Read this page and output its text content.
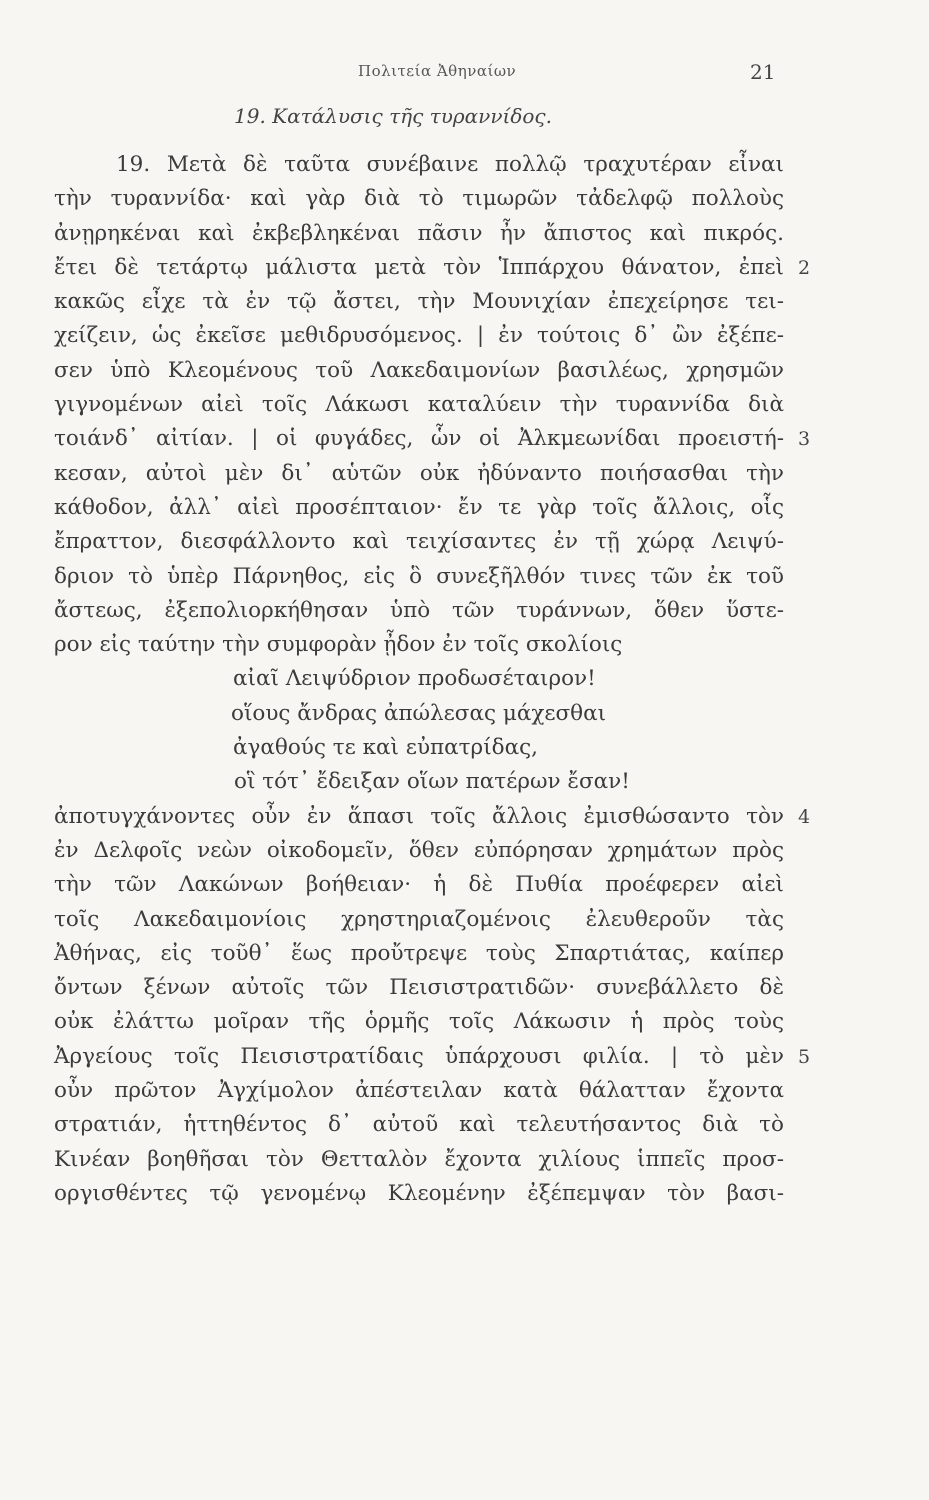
Πολιτεία Ἀθηναίων	21
19. Κατάλυσις τῆς τυραννίδος.
19. Μετὰ δὲ ταῦτα συνέβαινε πολλῷ τραχυτέραν εἶναι
τὴν τυραννίδα· καὶ γὰρ διὰ τὸ τιμωρῶν τἀδελφῷ πολλοὺς
ἀνῃρηκέναι καὶ ἐκβεβληκέναι πᾶσιν ἦν ἄπιστος καὶ πικρός.
ἔτει δὲ τετάρτῳ μάλιστα μετὰ τὸν Ἱππάρχου θάνατον, ἐπεὶ 2
κακῶς εἶχε τὰ ἐν τῷ ἄστει, τὴν Μουνιχίαν ἐπεχείρησε τει-
χείζειν, ὡς ἐκεῖσε μεθιδρυσόμενος. | ἐν τούτοις δ᾽ ὢν ἐξέπε-
σεν ὑπὸ Κλεομένους τοῦ Λακεδαιμονίων βασιλέως, χρησμῶν
γιγνομένων αἰεὶ τοῖς Λάκωσι καταλύειν τὴν τυραννίδα διὰ
τοιάνδ᾽ αἰτίαν. | οἱ φυγάδες, ὧν οἱ Ἀλκμεωνίδαι προειστή- 3
κεσαν, αὐτοὶ μὲν δι᾽ αὑτῶν οὐκ ἠδύναντο ποιήσασθαι τὴν
κάθοδον, ἀλλ᾽ αἰεὶ προσέπταιον· ἔν τε γὰρ τοῖς ἄλλοις, οἷς
ἔπραττον, διεσφάλλοντο καὶ τειχίσαντες ἐν τῇ χώρᾳ Λειψύ-
δριον τὸ ὑπὲρ Πάρνηθος, εἰς ὃ συνεξῆλθόν τινες τῶν ἐκ τοῦ
ἄστεως, ἐξεπολιορκήθησαν ὑπὸ τῶν τυράννων, ὅθεν ὕστε-
ρον εἰς ταύτην τὴν συμφορὰν ᾖδον ἐν τοῖς σκολίοις
αἰαῖ Λειψύδριον προδωσέταιρον!
οἵους ἄνδρας ἀπώλεσας μάχεσθαι
ἀγαθούς τε καὶ εὐπατρίδας,
οἳ τότ᾽ ἔδειξαν οἵων πατέρων ἔσαν!
ἀποτυγχάνοντες οὖν ἐν ἅπασι τοῖς ἄλλοις ἐμισθώσαντο τὸν 4
ἐν Δελφοῖς νεὼν οἰκοδομεῖν, ὅθεν εὐπόρησαν χρημάτων πρὸς
τὴν τῶν Λακώνων βοήθειαν· ἡ δὲ Πυθία προέφερεν αἰεὶ
τοῖς Λακεδαιμονίοις χρηστηριαζομένοις ἐλευθεροῦν τὰς
Ἀθήνας, εἰς τοῦθ᾽ ἕως προὔτρεψε τοὺς Σπαρτιάτας, καίπερ
ὄντων ξένων αὐτοῖς τῶν Πεισιστρατιδῶν· συνεβάλλετο δὲ
οὐκ ἐλάττω μοῖραν τῆς ὁρμῆς τοῖς Λάκωσιν ἡ πρὸς τοὺς
Ἀργείους τοῖς Πεισιστρατίδαις ὑπάρχουσι φιλία. | τὸ μὲν 5
οὖν πρῶτον Ἀγχίμολον ἀπέστειλαν κατὰ θάλατταν ἔχοντα
στρατιάν, ἡττηθέντος δ᾽ αὐτοῦ καὶ τελευτήσαντος διὰ τὸ
Κινέαν βοηθῆσαι τὸν Θετταλὸν ἔχοντα χιλίους ἱππεῖς προσ-
οργισθέντες τῷ γενομένῳ Κλεομένην ἐξέπεμψαν τὸν βασι-
